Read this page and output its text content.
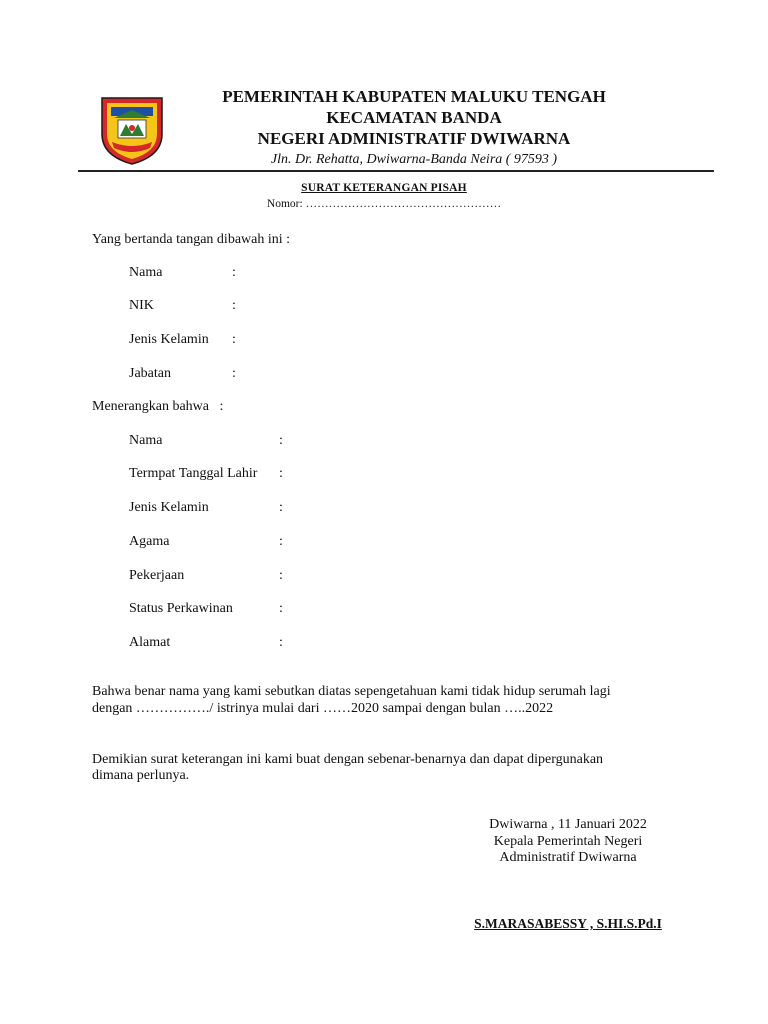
PEMERINTAH KABUPATEN MALUKU TENGAH
KECAMATAN BANDA
NEGERI ADMINISTRATIF DWIWARNA
Jln. Dr. Rehatta, Dwiwarna-Banda Neira ( 97593 )
SURAT KETERANGAN PISAH
Nomor: ……………………………………………
Yang bertanda tangan dibawah ini :
Nama	:
NIK	:
Jenis Kelamin :
Jabatan	:
Menerangkan bahwa   :
Nama	:
Termpat Tanggal Lahir :
Jenis Kelamin	:
Agama	:
Pekerjaan	:
Status Perkawinan	:
Alamat	:
Bahwa benar nama yang kami sebutkan diatas sepengetahuan kami tidak hidup serumah lagi
dengan ……………./ istrinya mulai dari ……2020 sampai dengan bulan …..2022
Demikian surat keterangan ini kami buat dengan sebenar-benarnya dan dapat dipergunakan
dimana perlunya.
Dwiwarna , 11 Januari 2022
Kepala Pemerintah Negeri
Administratif Dwiwarna
S.MARASABESSY , S.HI.S.Pd.I
